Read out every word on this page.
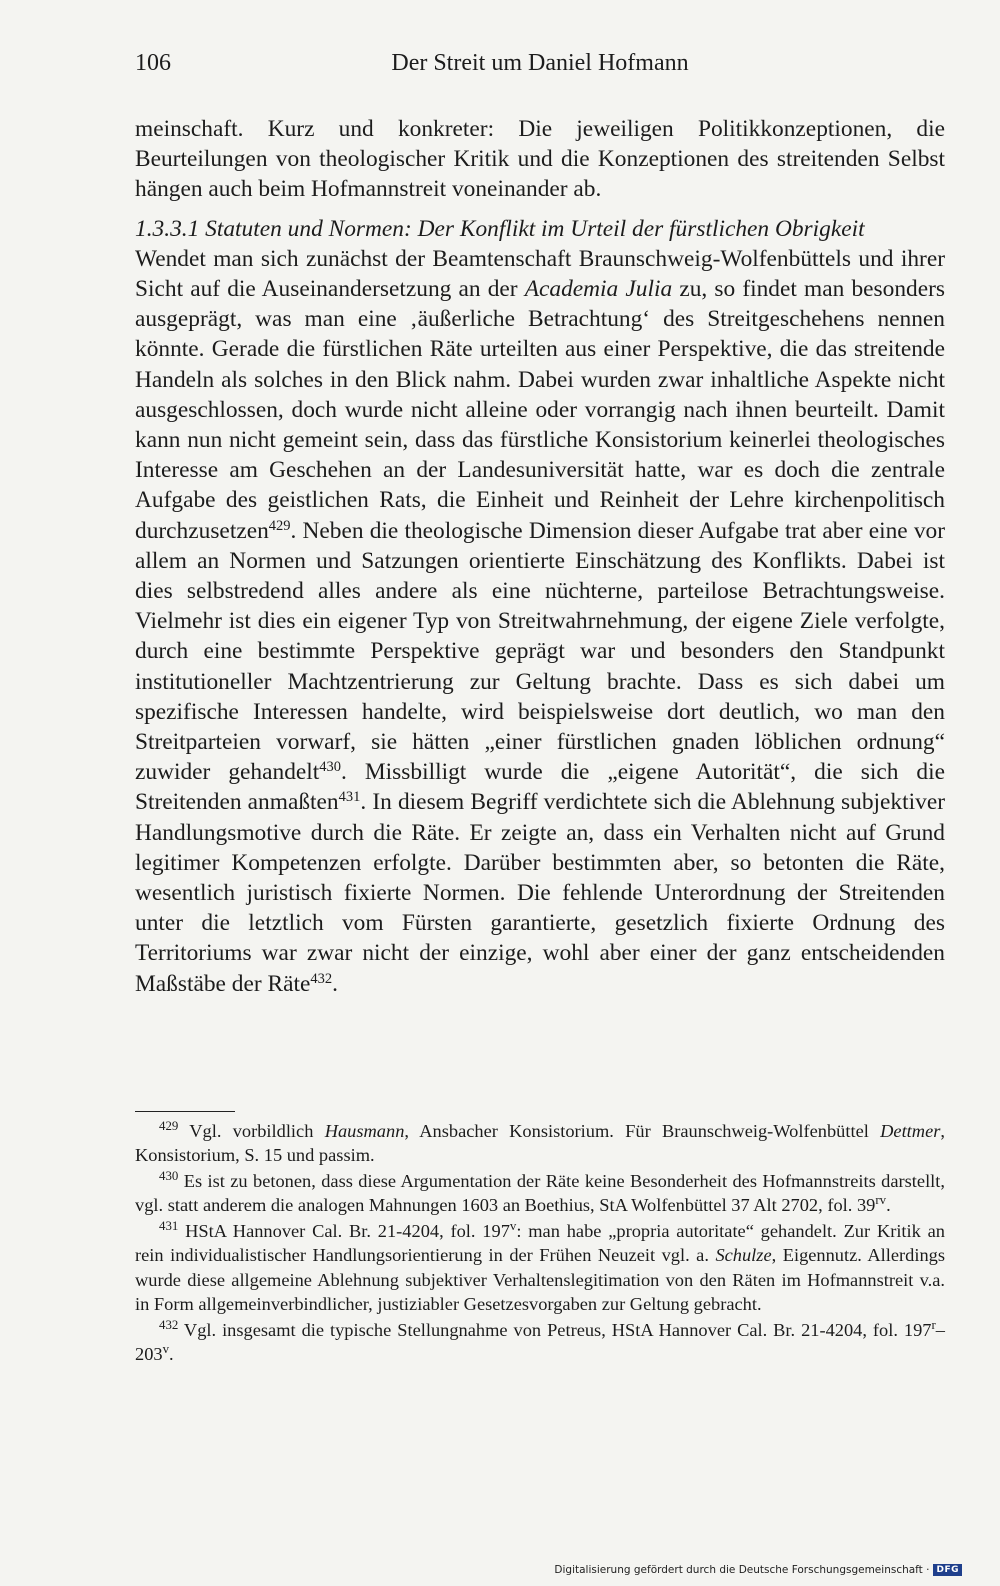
106	Der Streit um Daniel Hofmann

meinschaft. Kurz und konkreter: Die jeweiligen Politikkonzeptionen, die Beurteilungen von theologischer Kritik und die Konzeptionen des streitenden Selbst hängen auch beim Hofmannstreit voneinander ab.

1.3.3.1 Statuten und Normen: Der Konflikt im Urteil der fürstlichen Obrigkeit

Wendet man sich zunächst der Beamtenschaft Braunschweig-Wolfenbüttels und ihrer Sicht auf die Auseinandersetzung an der Academia Julia zu, so findet man besonders ausgeprägt, was man eine ‚äußerliche Betrachtung‘ des Streitgeschehens nennen könnte. Gerade die fürstlichen Räte urteilten aus einer Perspektive, die das streitende Handeln als solches in den Blick nahm. Dabei wurden zwar inhaltliche Aspekte nicht ausgeschlossen, doch wurde nicht alleine oder vorrangig nach ihnen beurteilt. Damit kann nun nicht gemeint sein, dass das fürstliche Konsistorium keinerlei theologisches Interesse am Geschehen an der Landesuniversität hatte, war es doch die zentrale Aufgabe des geistlichen Rats, die Einheit und Reinheit der Lehre kirchenpolitisch durchzusetzen$^{429}$. Neben die theologische Dimension dieser Aufgabe trat aber eine vor allem an Normen und Satzungen orientierte Einschätzung des Konflikts. Dabei ist dies selbstredend alles andere als eine nüchterne, parteilose Betrachtungsweise. Vielmehr ist dies ein eigener Typ von Streitwahrnehmung, der eigene Ziele verfolgte, durch eine bestimmte Perspektive geprägt war und besonders den Standpunkt institutioneller Machtzentrierung zur Geltung brachte. Dass es sich dabei um spezifische Interessen handelte, wird beispielsweise dort deutlich, wo man den Streitparteien vorwarf, sie hätten „einer fürstlichen gnaden löblichen ordnung“ zuwider gehandelt$^{430}$. Missbilligt wurde die „eigene Autorität“, die sich die Streitenden anmaßten$^{431}$. In diesem Begriff verdichtete sich die Ablehnung subjektiver Handlungsmotive durch die Räte. Er zeigte an, dass ein Verhalten nicht auf Grund legitimer Kompetenzen erfolgte. Darüber bestimmten aber, so betonten die Räte, wesentlich juristisch fixierte Normen. Die fehlende Unterordnung der Streitenden unter die letztlich vom Fürsten garantierte, gesetzlich fixierte Ordnung des Territoriums war zwar nicht der einzige, wohl aber einer der ganz entscheidenden Maßstäbe der Räte$^{432}$.

$^{429}$ Vgl. vorbildlich Hausmann, Ansbacher Konsistorium. Für Braunschweig-Wolfenbüttel Dettmer, Konsistorium, S. 15 und passim.

$^{430}$ Es ist zu betonen, dass diese Argumentation der Räte keine Besonderheit des Hofmannstreits darstellt, vgl. statt anderem die analogen Mahnungen 1603 an Boethius, StA Wolfenbüttel 37 Alt 2702, fol. $39^{rv}$.

$^{431}$ HStA Hannover Cal. Br. 21-4204, fol. 197$^v$: man habe „propria autoritate“ gehandelt. Zur Kritik an rein individualistischer Handlungsorientierung in der Frühen Neuzeit vgl. a. Schulze, Eigennutz. Allerdings wurde diese allgemeine Ablehnung subjektiver Verhaltenslegitimation von den Räten im Hofmannstreit v.a. in Form allgemeinverbindlicher, justiziabler Gesetzesvorgaben zur Geltung gebracht.

$^{432}$ Vgl. insgesamt die typische Stellungnahme von Petreus, HStA Hannover Cal. Br. 21-4204, fol. 197$^r$–203$^v$.

Digitalisierung gefördert durch die Deutsche Forschungsgemeinschaft · DFG
